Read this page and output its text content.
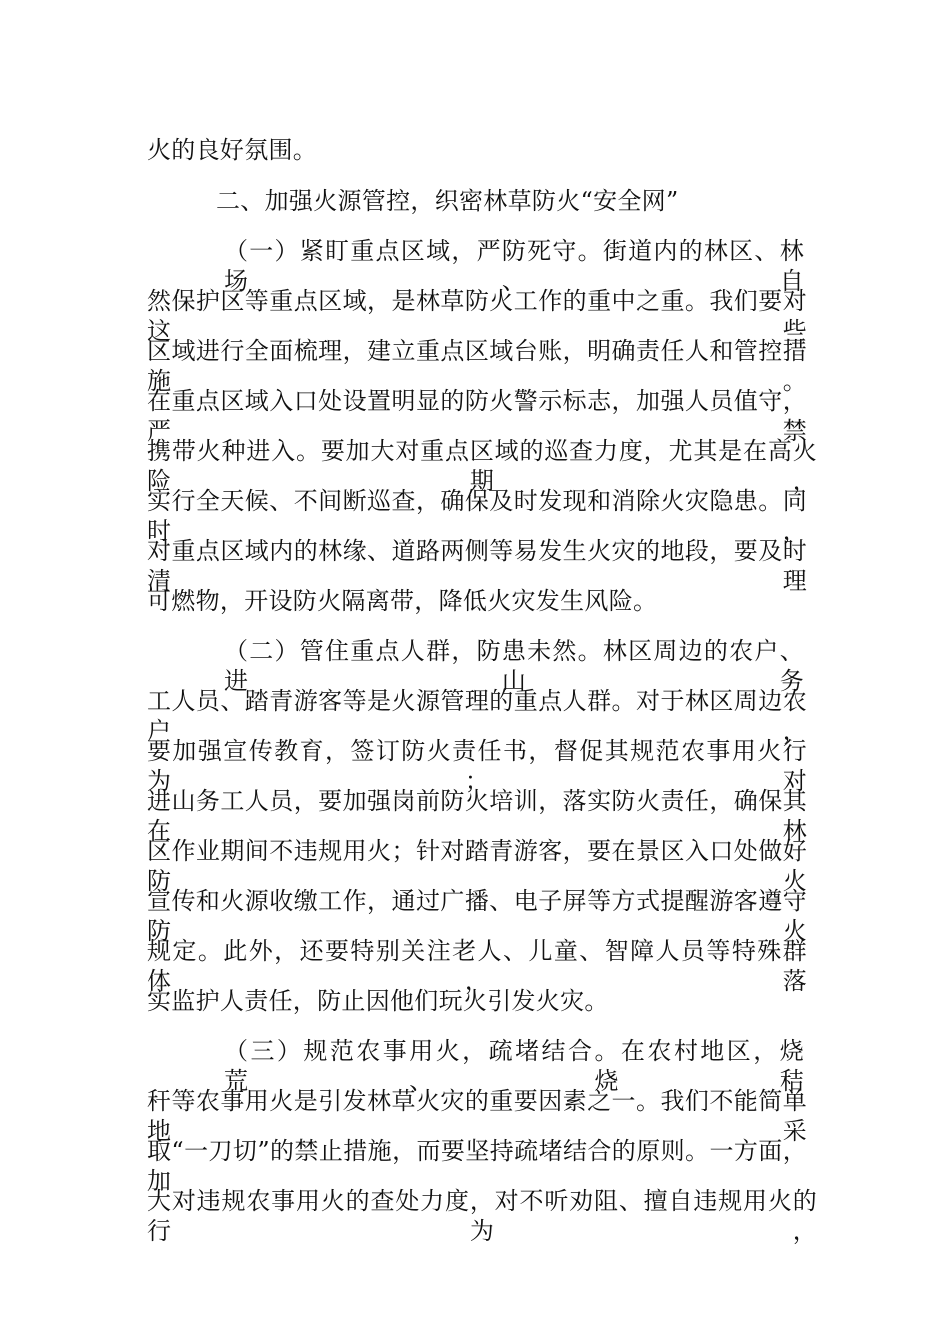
火的良好氛围。
二、加强火源管控，织密林草防火“安全网”
（一）紧盯重点区域，严防死守。街道内的林区、林场、自
然保护区等重点区域，是林草防火工作的重中之重。我们要对这些
区域进行全面梳理，建立重点区域台账，明确责任人和管控措施。
在重点区域入口处设置明显的防火警示标志，加强人员值守，严禁
携带火种进入。要加大对重点区域的巡查力度，尤其是在高火险期，
实行全天候、不间断巡查，确保及时发现和消除火灾隐患。同时，
对重点区域内的林缘、道路两侧等易发生火灾的地段，要及时清理
可燃物，开设防火隔离带，降低火灾发生风险。
（二）管住重点人群，防患未然。林区周边的农户、进山务
工人员、踏青游客等是火源管理的重点人群。对于林区周边农户，
要加强宣传教育，签订防火责任书，督促其规范农事用火行为；对
进山务工人员，要加强岗前防火培训，落实防火责任，确保其在林
区作业期间不违规用火；针对踏青游客，要在景区入口处做好防火
宣传和火源收缴工作，通过广播、电子屏等方式提醒游客遵守防火
规定。此外，还要特别关注老人、儿童、智障人员等特殊群体，落
实监护人责任，防止因他们玩火引发火灾。
（三）规范农事用火，疏堵结合。在农村地区，烧荒、烧秸
秆等农事用火是引发林草火灾的重要因素之一。我们不能简单地采
取“一刀切”的禁止措施，而要坚持疏堵结合的原则。一方面，加
大对违规农事用火的查处力度，对不听劝阻、擅自违规用火的行为，
